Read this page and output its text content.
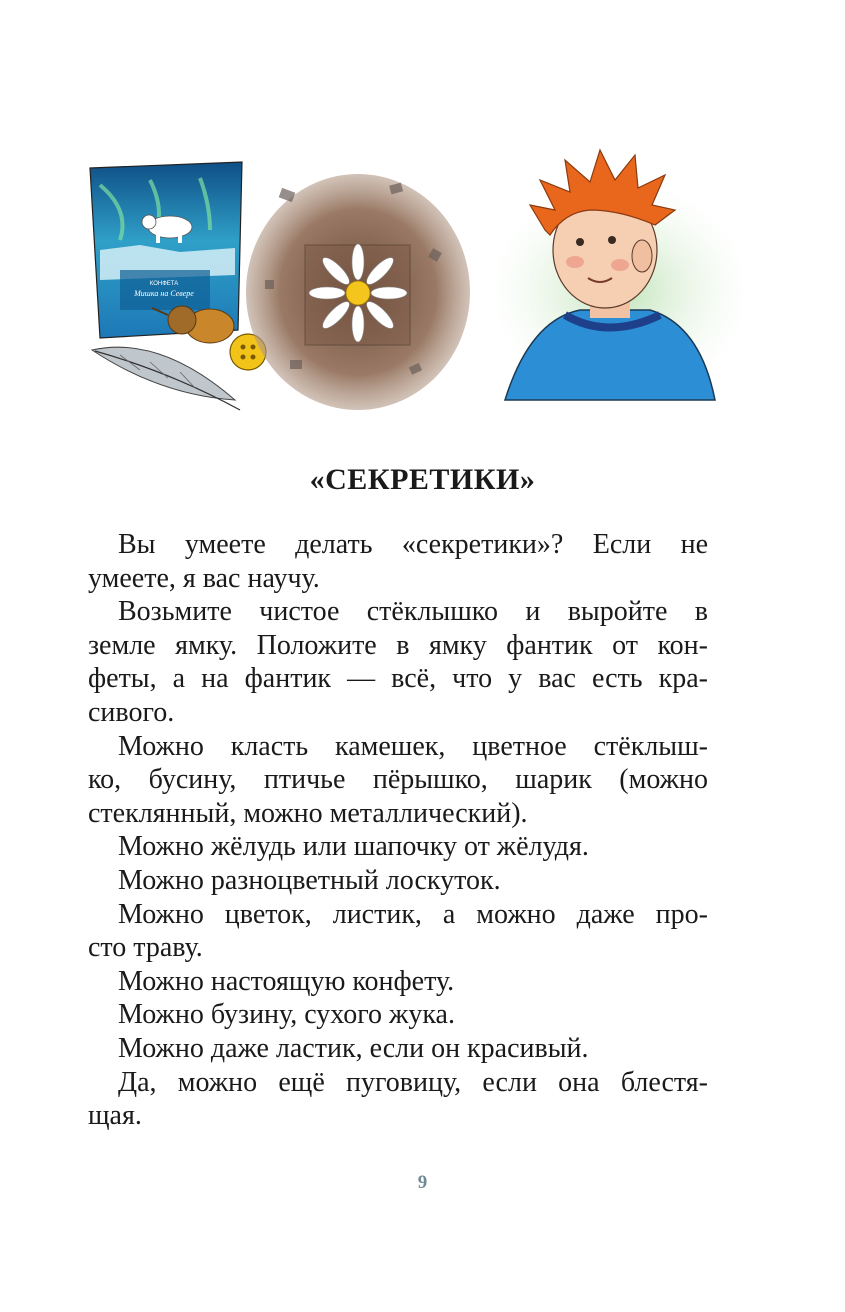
КОНФЕТА
Мишка на Севере
«СЕКРЕТИКИ»
Вы умеете делать «секретики»? Если не
умеете, я вас научу.
Возьмите чистое стёклышко и выройте в
земле ямку. Положите в ямку фантик от кон-
феты, а на фантик — всё, что у вас есть кра-
сивого.
Можно класть камешек, цветное стёклыш-
ко, бусину, птичье пёрышко, шарик (можно
стеклянный, можно металлический).
Можно жёлудь или шапочку от жёлудя.
Можно разноцветный лоскуток.
Можно цветок, листик, а можно даже про-
сто траву.
Можно настоящую конфету.
Можно бузину, сухого жука.
Можно даже ластик, если он красивый.
Да, можно ещё пуговицу, если она блестя-
щая.
9
